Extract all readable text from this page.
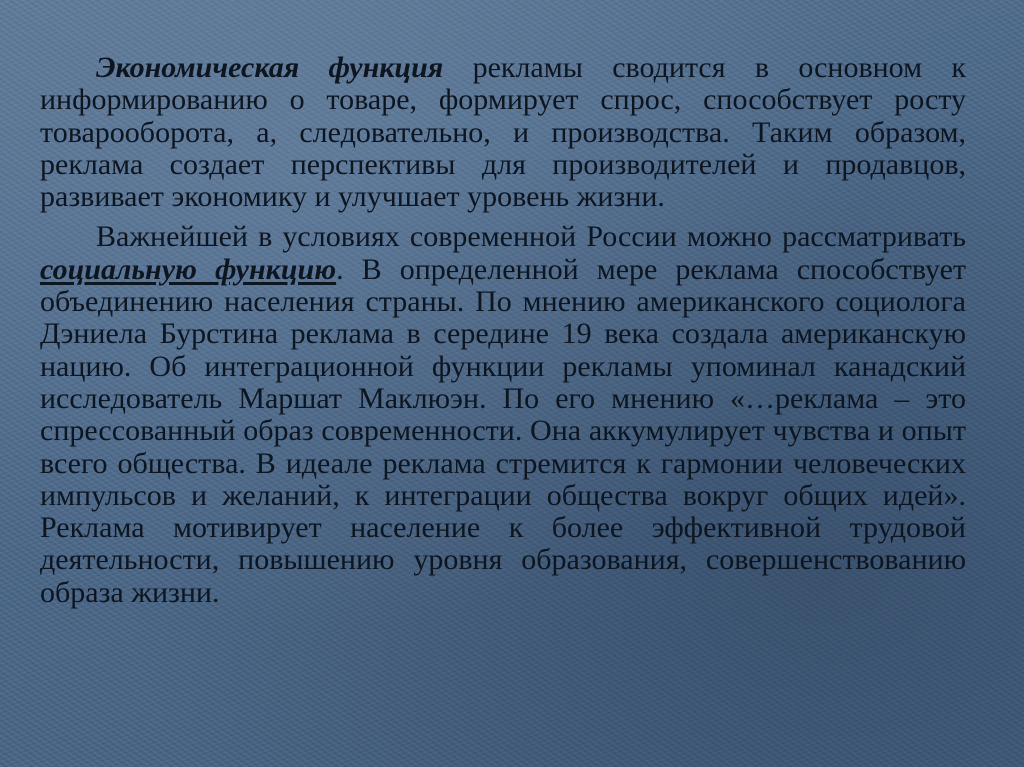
Экономическая функция рекламы сводится в основном к информированию о товаре, формирует спрос, способствует росту товарооборота, а, следовательно, и производства. Таким образом, реклама создает перспективы для производителей и продавцов, развивает экономику и улучшает уровень жизни.

Важнейшей в условиях современной России можно рассматривать социальную функцию. В определенной мере реклама способствует объединению населения страны. По мнению американского социолога Дэниела Бурстина реклама в середине 19 века создала американскую нацию. Об интеграционной функции рекламы упоминал канадский исследователь Маршат Маклюэн. По его мнению «…реклама – это спрессованный образ современности. Она аккумулирует чувства и опыт всего общества. В идеале реклама стремится к гармонии человеческих импульсов и желаний, к интеграции общества вокруг общих идей». Реклама мотивирует население к более эффективной трудовой деятельности, повышению уровня образования, совершенствованию образа жизни.
